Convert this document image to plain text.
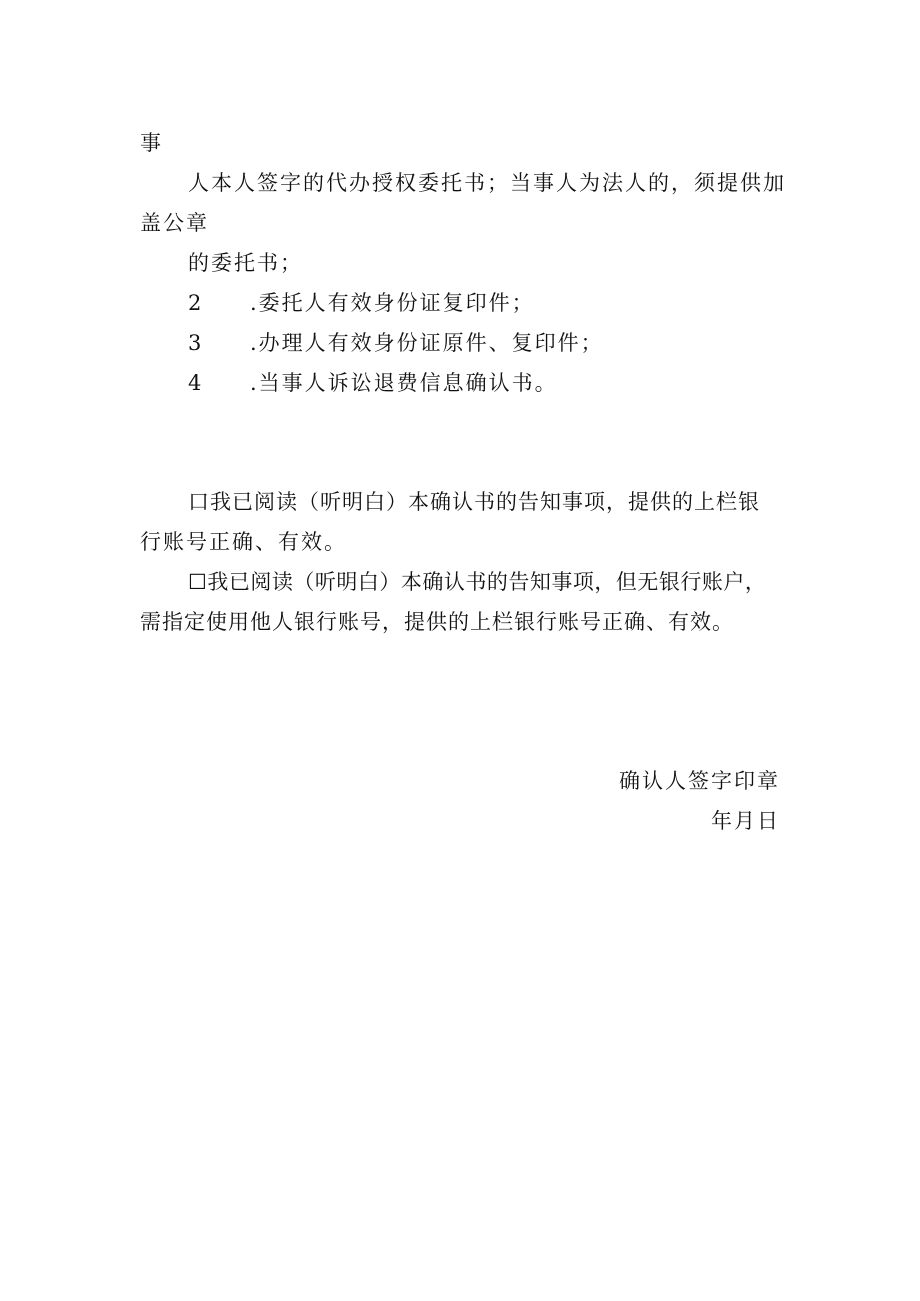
事
人本人签字的代办授权委托书；当事人为法人的，须提供加
盖公章
的委托书；
2 .委托人有效身份证复印件；
3 .办理人有效身份证原件、复印件；
4 .当事人诉讼退费信息确认书。
口我已阅读（听明白）本确认书的告知事项，提供的上栏银
行账号正确、有效。
☐我已阅读（听明白）本确认书的告知事项，但无银行账户，
需指定使用他人银行账号，提供的上栏银行账号正确、有效。
确认人签字印章
年月日
